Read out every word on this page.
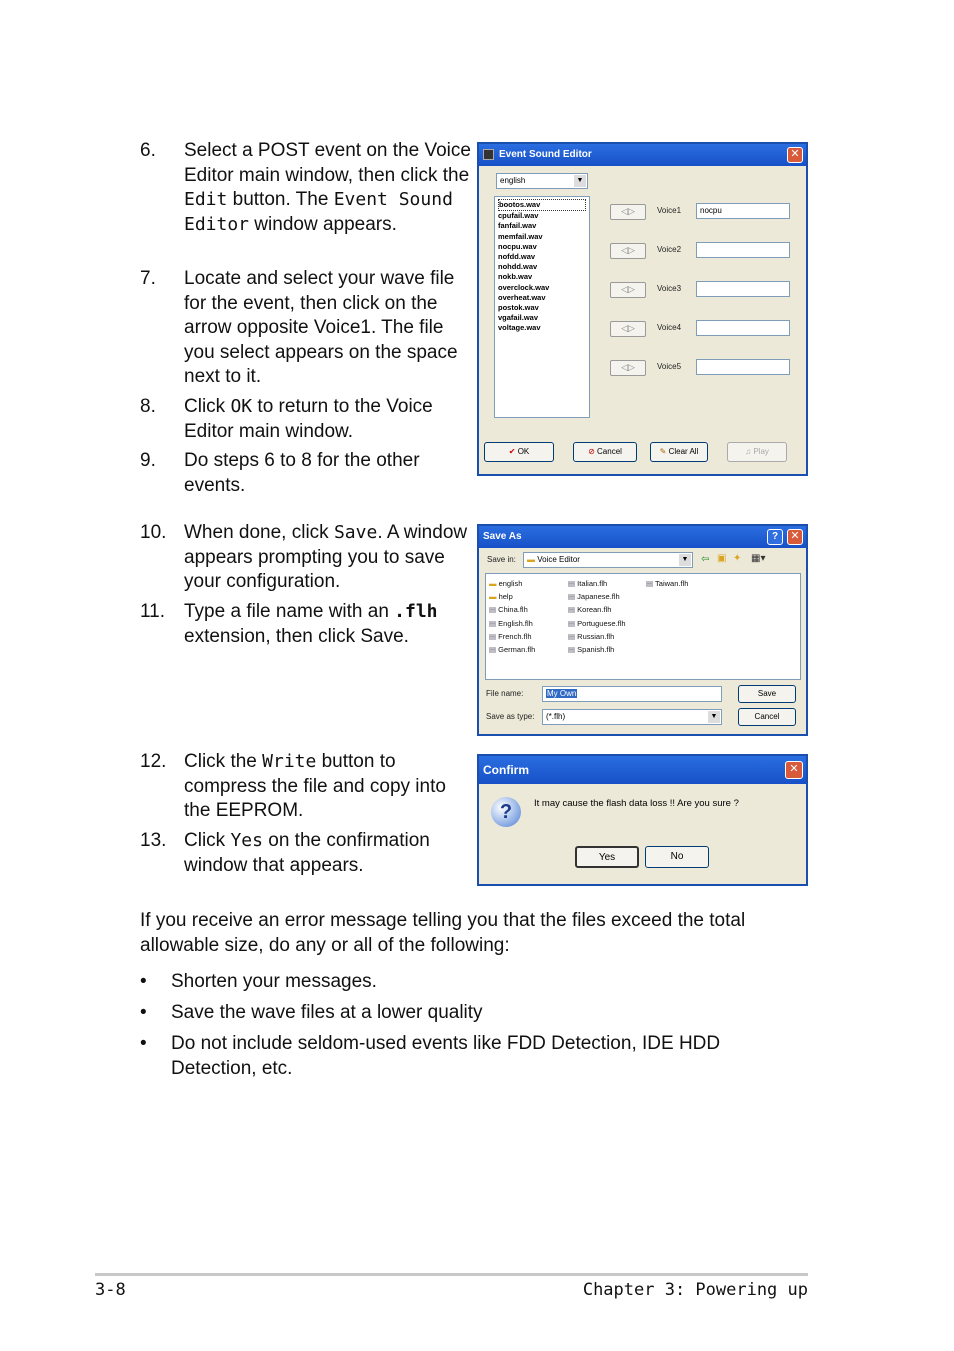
6. Select a POST event on the Voice Editor main window, then click the Edit button. The Event Sound Editor window appears.
7. Locate and select your wave file for the event, then click on the arrow opposite Voice1. The file you select appears on the space next to it.
8. Click OK to return to the Voice Editor main window.
9. Do steps 6 to 8 for the other events.
10. When done, click Save. A window appears prompting you to save your configuration.
11. Type a file name with an .flh extension, then click Save.
12. Click the Write button to compress the file and copy into the EEPROM.
13. Click Yes on the confirmation window that appears.
Event Sound Editor	✕
english	▼
bootos.wav
cpufail.wav
fanfail.wav
memfail.wav
nocpu.wav
nofdd.wav
nohdd.wav
nokb.wav
overclock.wav
overheat.wav
postok.wav
vgafail.wav
voltage.wav
✔ OK	⊘ Cancel	✎ Clear All	♫ Play
◁▷	Voice1	nocpu
◁▷	Voice2
◁▷	Voice3
◁▷	Voice4
◁▷	Voice5
Save As	?	✕
Save in:	▬ Voice Editor	▼ ⇦ ▣ ✦ ▦▾
▬ english
▬ help
▤ China.flh
▤ English.flh
▤ French.flh
▤ German.flh
▤ Italian.flh
▤ Japanese.flh
▤ Korean.flh
▤ Portuguese.flh
▤ Russian.flh
▤ Spanish.flh
▤ Taiwan.flh
File name:	My Own	Save
Save as type:	(*.flh)	▼	Cancel
Confirm	✕
?	It may cause the flash data loss !! Are you sure ?
Yes	No
If you receive an error message telling you that the files exceed the total allowable size, do any or all of the following:
• Shorten your messages.
• Save the wave files at a lower quality
• Do not include seldom-used events like FDD Detection, IDE HDD Detection, etc.
3-8	Chapter 3: Powering up
